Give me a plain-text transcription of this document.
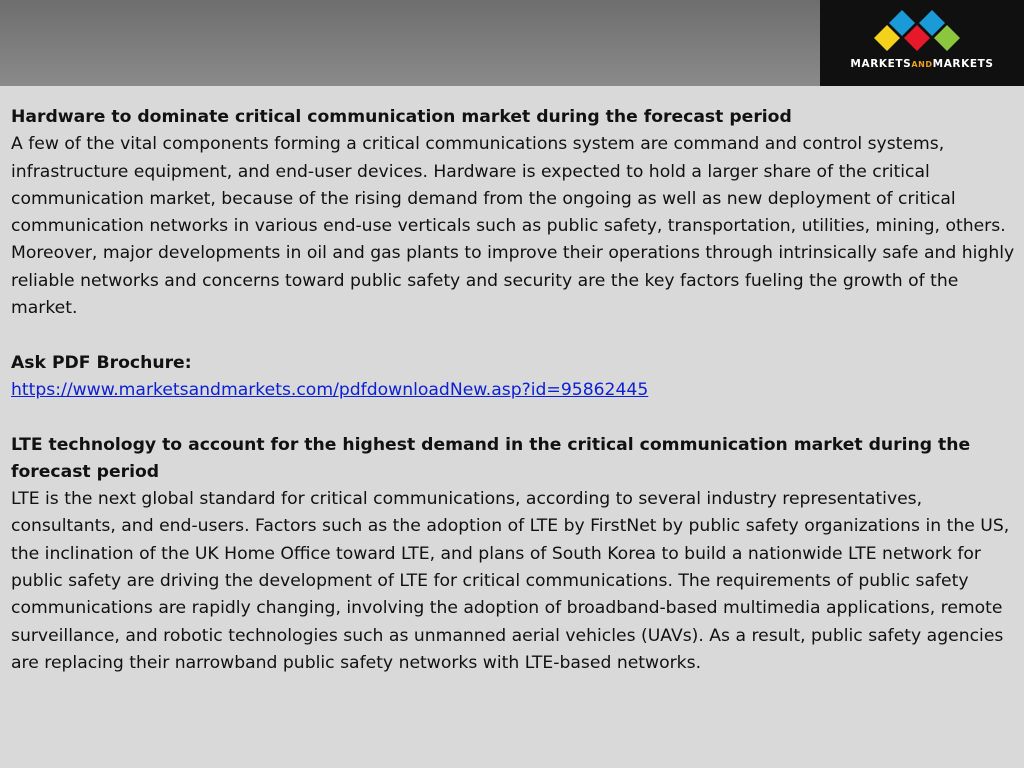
MARKETSANDMARKETS

Hardware to dominate critical communication market during the forecast period

A few of the vital components forming a critical communications system are command and control systems, infrastructure equipment, and end-user devices. Hardware is expected to hold a larger share of the critical communication market, because of the rising demand from the ongoing as well as new deployment of critical communication networks in various end-use verticals such as public safety, transportation, utilities, mining, others. Moreover, major developments in oil and gas plants to improve their operations through intrinsically safe and highly reliable networks and concerns toward public safety and security are the key factors fueling the growth of the market.

Ask PDF Brochure:

https://www.marketsandmarkets.com/pdfdownloadNew.asp?id=95862445

LTE technology to account for the highest demand in the critical communication market during the forecast period

LTE is the next global standard for critical communications, according to several industry representatives, consultants, and end-users. Factors such as the adoption of LTE by FirstNet by public safety organizations in the US, the inclination of the UK Home Office toward LTE, and plans of South Korea to build a nationwide LTE network for public safety are driving the development of LTE for critical communications. The requirements of public safety communications are rapidly changing, involving the adoption of broadband-based multimedia applications, remote surveillance, and robotic technologies such as unmanned aerial vehicles (UAVs). As a result, public safety agencies are replacing their narrowband public safety networks with LTE-based networks.
